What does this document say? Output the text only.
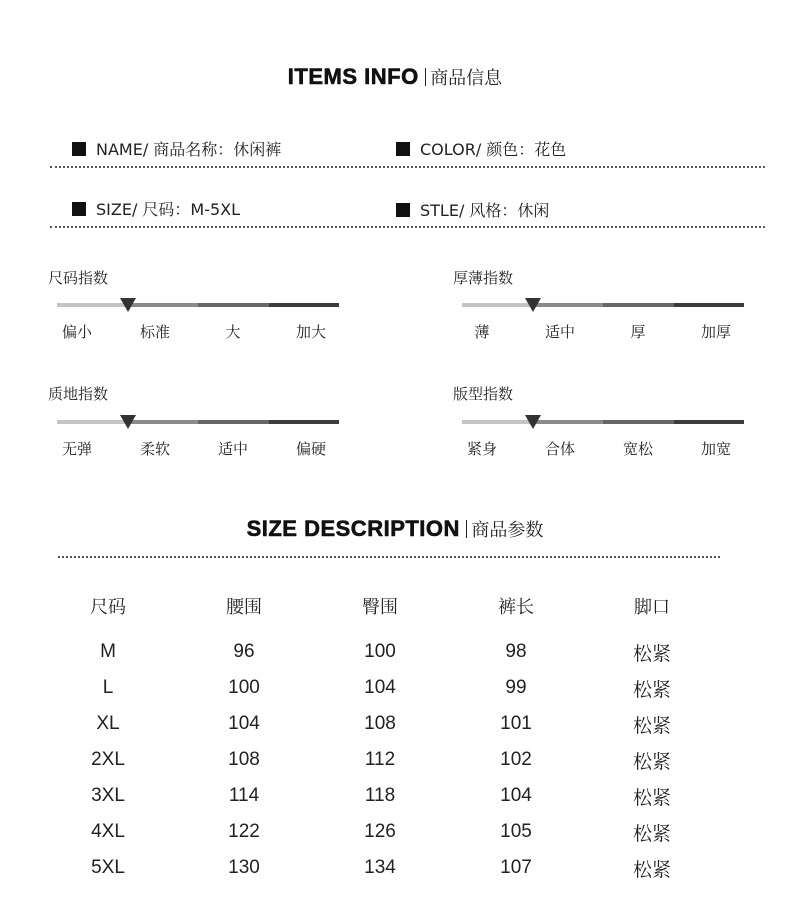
ITEMS INFO 商品信息
NAME/ 商品名称：休闲裤	COLOR/ 颜色：花色
SIZE/ 尺码：M-5XL	STLE/ 风格：休闲
尺码指数
偏小	标准	大	加大
厚薄指数
薄	适中	厚	加厚
质地指数
无弹	柔软	适中	偏硬
版型指数
紧身	合体	宽松	加宽
SIZE DESCRIPTION 商品参数
尺码	腰围	臀围	裤长	脚口
M	96	100	98	松紧
L	100	104	99	松紧
XL	104	108	101	松紧
2XL	108	112	102	松紧
3XL	114	118	104	松紧
4XL	122	126	105	松紧
5XL	130	134	107	松紧
